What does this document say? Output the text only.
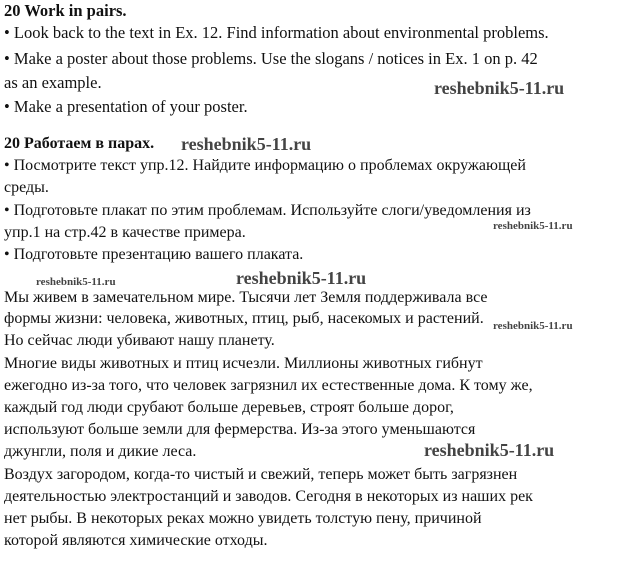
20 Work in pairs.
• Look back to the text in Ex. 12. Find information about environmental problems.
• Make a poster about those problems. Use the slogans / notices in Ex. 1 on p. 42
as an example.
• Make a presentation of your poster.
20 Работаем в парах.
• Посмотрите текст упр.12. Найдите информацию о проблемах окружающей
среды.
• Подготовьте плакат по этим проблемам. Используйте слоги/уведомления из
упр.1 на стр.42 в качестве примера.
• Подготовьте презентацию вашего плаката.
Мы живем в замечательном мире. Тысячи лет Земля поддерживала все
формы жизни: человека, животных, птиц, рыб, насекомых и растений.
Но сейчас люди убивают нашу планету.
Многие виды животных и птиц исчезли. Миллионы животных гибнут
ежегодно из-за того, что человек загрязнил их естественные дома. К тому же,
каждый год люди срубают больше деревьев, строят больше дорог,
используют больше земли для фермерства. Из-за этого уменьшаются
джунгли, поля и дикие леса.
Воздух загородом, когда-то чистый и свежий, теперь может быть загрязнен
деятельностью электростанций и заводов. Сегодня в некоторых из наших рек
нет рыбы. В некоторых реках можно увидеть толстую пену, причиной
которой являются химические отходы.
reshebnik5-11.ru
reshebnik5-11.ru
reshebnik5-11.ru
reshebnik5-11.ru	reshebnik5-11.ru
reshebnik5-11.ru
reshebnik5-11.ru
